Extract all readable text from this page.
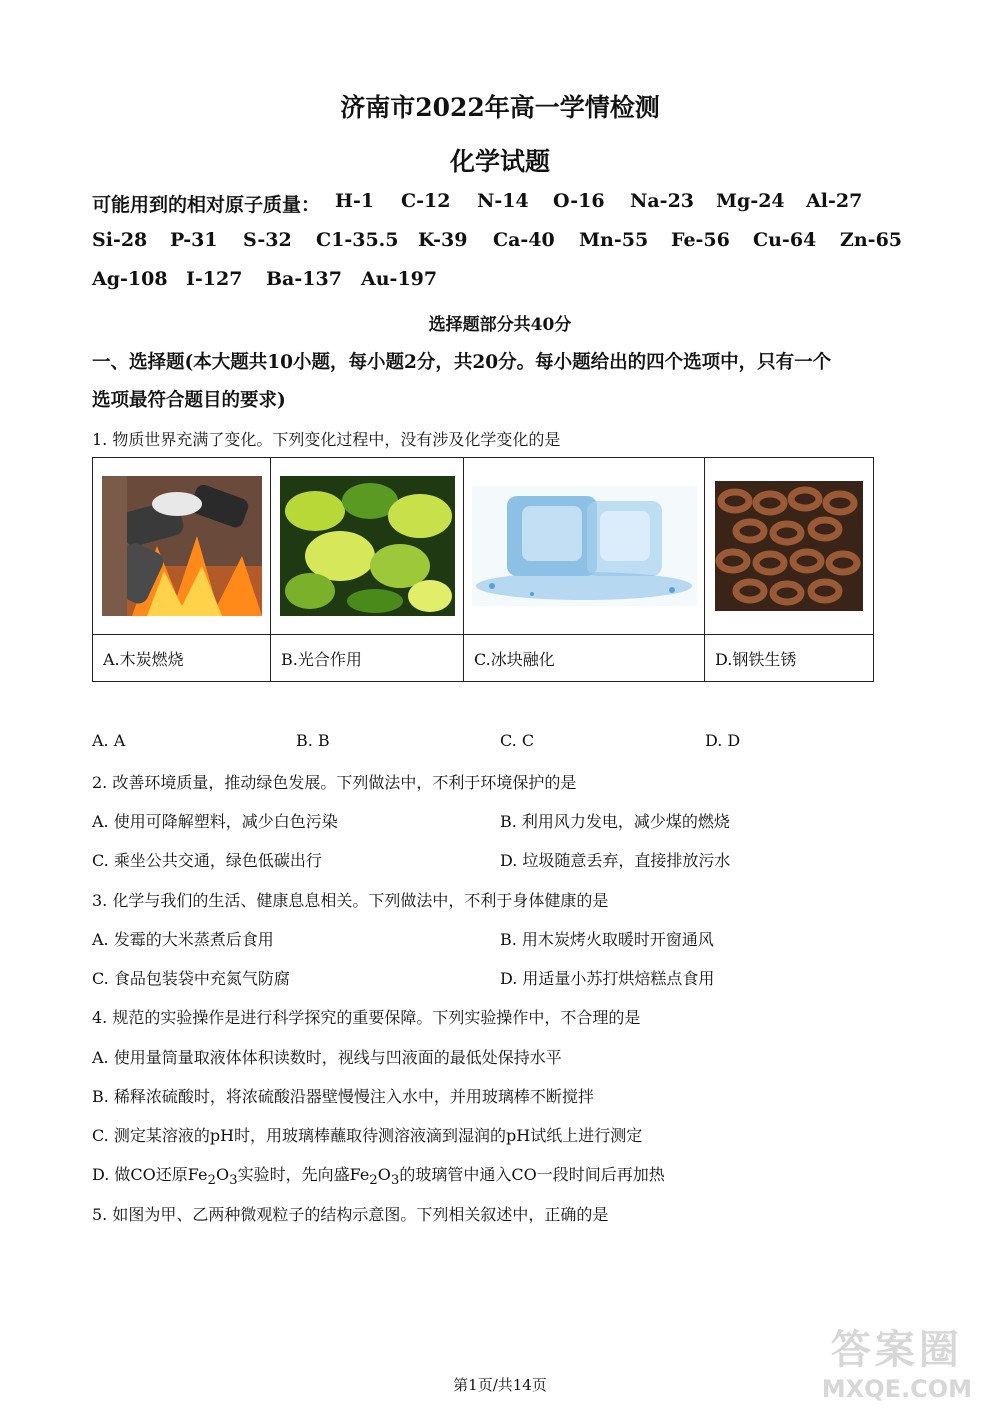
济南市2022年高一学情检测
化学试题
可能用到的相对原子质量： H-1 C-12 N-14 O-16 Na-23 Mg-24 Al-27
Si-28 P-31 S-32 C1-35.5 K-39 Ca-40 Mn-55 Fe-56 Cu-64 Zn-65
Ag-108 I-127 Ba-137 Au-197
选择题部分共40分
一、选择题(本大题共10小题，每小题2分，共20分。每小题给出的四个选项中，只有一个
选项最符合题目的要求)
1. 物质世界充满了变化。下列变化过程中，没有涉及化学变化的是

A.木炭燃烧	B.光合作用	C.冰块融化	D.钢铁生锈
A. A	B. B	C. C	D. D
2. 改善环境质量，推动绿色发展。下列做法中，不利于环境保护的是
A. 使用可降解塑料，减少白色污染	B. 利用风力发电，减少煤的燃烧
C. 乘坐公共交通，绿色低碳出行	D. 垃圾随意丢弃，直接排放污水
3. 化学与我们的生活、健康息息相关。下列做法中，不利于身体健康的是
A. 发霉的大米蒸煮后食用	B. 用木炭烤火取暖时开窗通风
C. 食品包装袋中充氮气防腐	D. 用适量小苏打烘焙糕点食用
4. 规范的实验操作是进行科学探究的重要保障。下列实验操作中，不合理的是
A. 使用量筒量取液体体积读数时，视线与凹液面的最低处保持水平
B. 稀释浓硫酸时，将浓硫酸沿器壁慢慢注入水中，并用玻璃棒不断搅拌
C. 测定某溶液的pH时，用玻璃棒蘸取待测溶液滴到湿润的pH试纸上进行测定
D. 做CO还原$Fe_2O_3$实验时，先向盛$Fe_2O_3$的玻璃管中通入CO一段时间后再加热
5. 如图为甲、乙两种微观粒子的结构示意图。下列相关叙述中，正确的是
第1页/共14页
答案圈
MXQE.COM
